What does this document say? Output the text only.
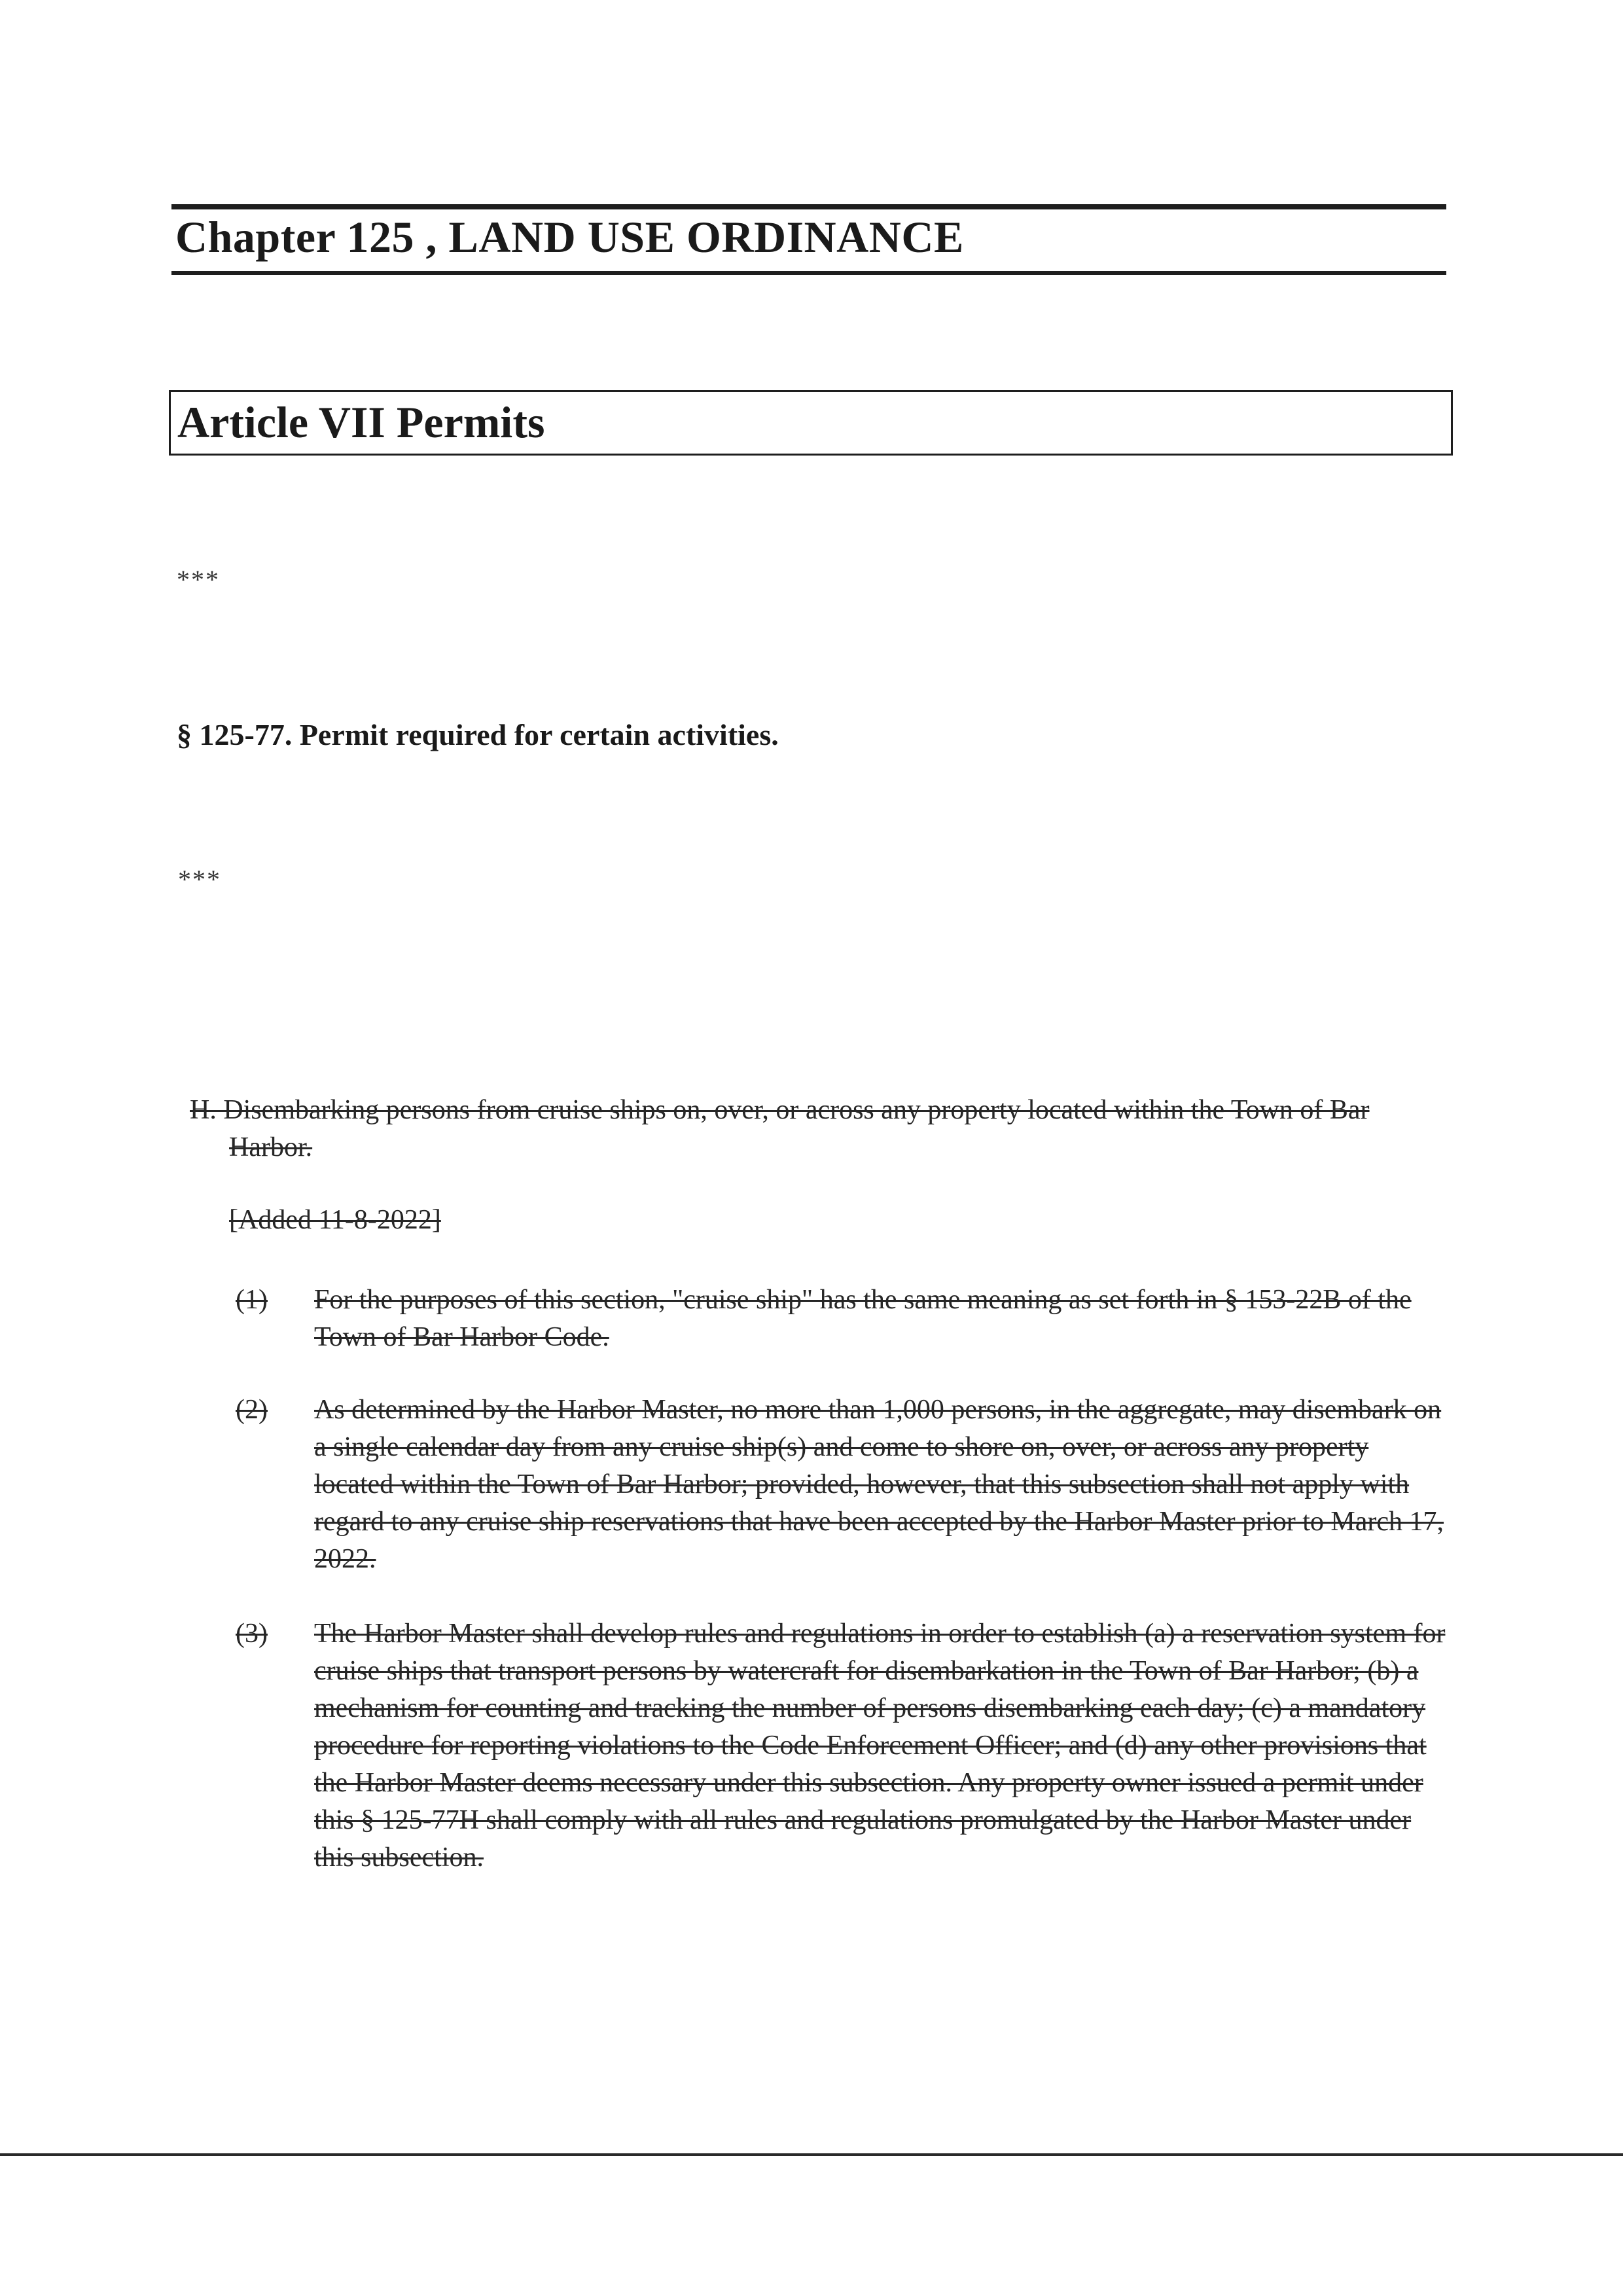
Chapter 125 , LAND USE ORDINANCE
Article VII Permits
***
§ 125-77. Permit required for certain activities.
***
H. Disembarking persons from cruise ships on, over, or across any property located within the Town of Bar Harbor.
[Added 11-8-2022]
(1)	For the purposes of this section, "cruise ship" has the same meaning as set forth in § 153-22B of the Town of Bar Harbor Code.
(2)	As determined by the Harbor Master, no more than 1,000 persons, in the aggregate, may disembark on a single calendar day from any cruise ship(s) and come to shore on, over, or across any property located within the Town of Bar Harbor; provided, however, that this subsection shall not apply with regard to any cruise ship reservations that have been accepted by the Harbor Master prior to March 17, 2022.
(3)	The Harbor Master shall develop rules and regulations in order to establish (a) a reservation system for cruise ships that transport persons by watercraft for disembarkation in the Town of Bar Harbor; (b) a mechanism for counting and tracking the number of persons disembarking each day; (c) a mandatory procedure for reporting violations to the Code Enforcement Officer; and (d) any other provisions that the Harbor Master deems necessary under this subsection. Any property owner issued a permit under this § 125-77H shall comply with all rules and regulations promulgated by the Harbor Master under this subsection.
